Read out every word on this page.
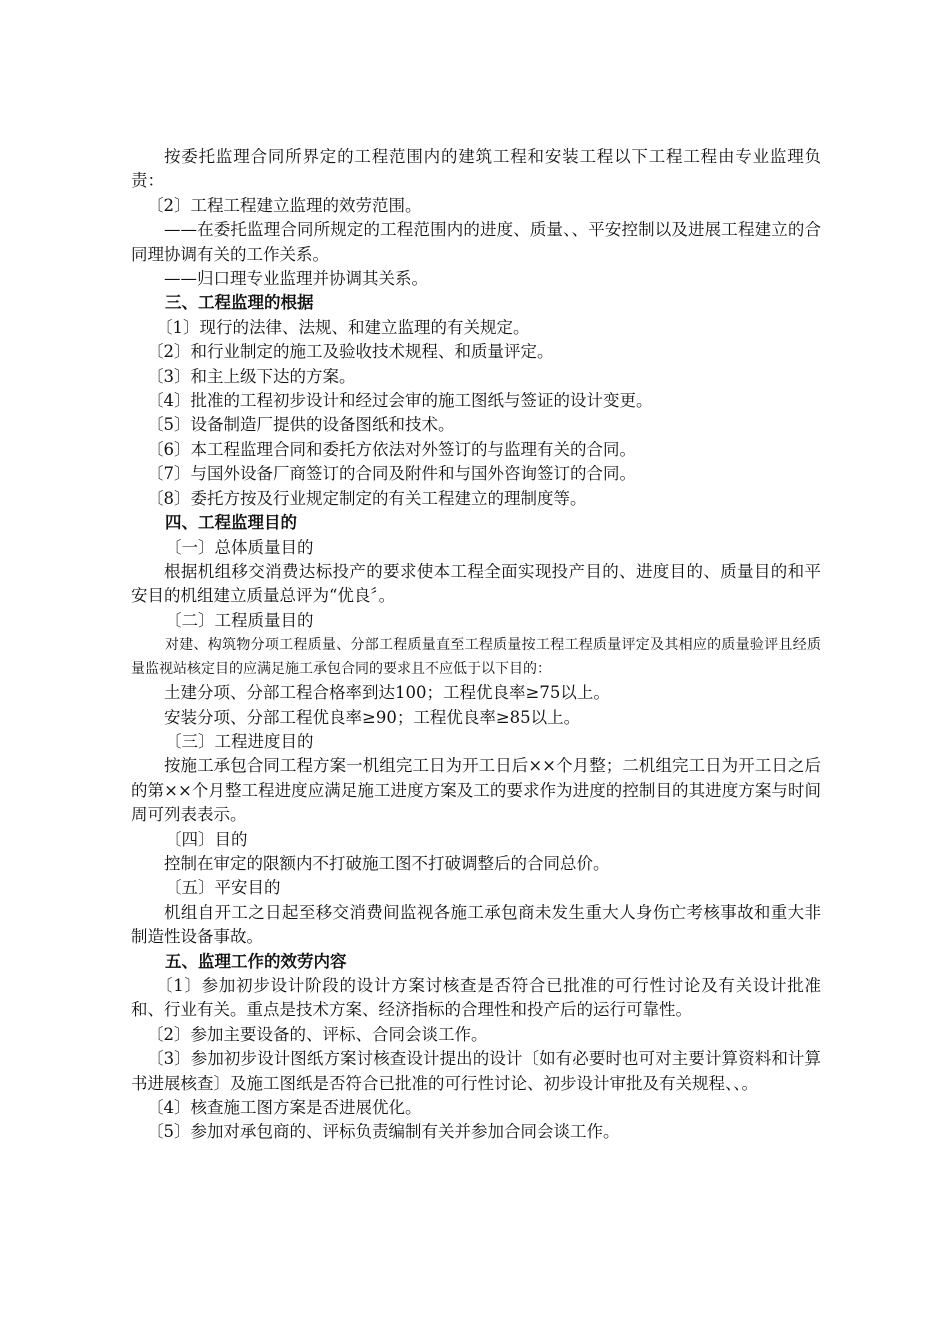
按委托监理合同所界定的工程范围内的建筑工程和安装工程以下工程工程由专业监理负责：

〔2〕工程工程建立监理的效劳范围。

——在委托监理合同所规定的工程范围内的进度、质量、、平安控制以及进展工程建立的合同理协调有关的工作关系。

——归口理专业监理并协调其关系。

三、工程监理的根据

〔1〕现行的法律、法规、和建立监理的有关规定。

〔2〕和行业制定的施工及验收技术规程、和质量评定。

〔3〕和主上级下达的方案。

〔4〕批准的工程初步设计和经过会审的施工图纸与签证的设计变更。

〔5〕设备制造厂提供的设备图纸和技术。

〔6〕本工程监理合同和委托方依法对外签订的与监理有关的合同。

〔7〕与国外设备厂商签订的合同及附件和与国外咨询签订的合同。

〔8〕委托方按及行业规定制定的有关工程建立的理制度等。

四、工程监理目的

〔一〕总体质量目的

根据机组移交消费达标投产的要求使本工程全面实现投产目的、进度目的、质量目的和平安目的机组建立质量总评为“优良〞。

〔二〕工程质量目的

对建、构筑物分项工程质量、分部工程质量直至工程质量按工程工程质量评定及其相应的质量验评且经质量监视站核定目的应满足施工承包合同的要求且不应低于以下目的：

土建分项、分部工程合格率到达100；工程优良率≥75以上。

安装分项、分部工程优良率≥90；工程优良率≥85以上。

〔三〕工程进度目的

按施工承包合同工程方案一机组完工日为开工日后××个月整；二机组完工日为开工日之后的第××个月整工程进度应满足施工进度方案及工的要求作为进度的控制目的其进度方案与时间周可列表表示。

〔四〕目的

控制在审定的限额内不打破施工图不打破调整后的合同总价。

〔五〕平安目的

机组自开工之日起至移交消费间监视各施工承包商未发生重大人身伤亡考核事故和重大非制造性设备事故。

五、监理工作的效劳内容

〔1〕参加初步设计阶段的设计方案讨核查是否符合已批准的可行性讨论及有关设计批准和、行业有关。重点是技术方案、经济指标的合理性和投产后的运行可靠性。

〔2〕参加主要设备的、评标、合同会谈工作。

〔3〕参加初步设计图纸方案讨核查设计提出的设计〔如有必要时也可对主要计算资料和计算书进展核查〕及施工图纸是否符合已批准的可行性讨论、初步设计审批及有关规程、、。

〔4〕核查施工图方案是否进展优化。

〔5〕参加对承包商的、评标负责编制有关并参加合同会谈工作。
